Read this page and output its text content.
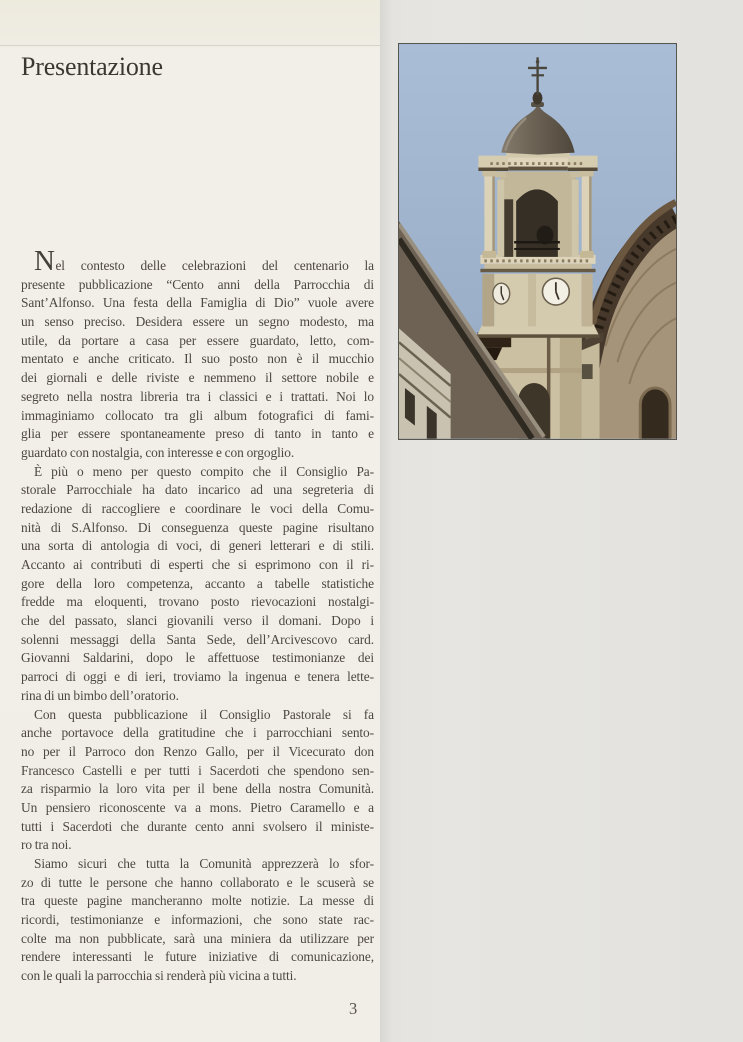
Presentazione
Nel contesto delle celebrazioni del centenario la
presente pubblicazione “Cento anni della Parrocchia di
Sant’Alfonso. Una festa della Famiglia di Dio” vuole avere
un senso preciso. Desidera essere un segno modesto, ma
utile, da portare a casa per essere guardato, letto, com-
mentato e anche criticato. Il suo posto non è il mucchio
dei giornali e delle riviste e nemmeno il settore nobile e
segreto nella nostra libreria tra i classici e i trattati. Noi lo
immaginiamo collocato tra gli album fotografici di fami-
glia per essere spontaneamente preso di tanto in tanto e
guardato con nostalgia, con interesse e con orgoglio.
È più o meno per questo compito che il Consiglio Pa-
storale Parrocchiale ha dato incarico ad una segreteria di
redazione di raccogliere e coordinare le voci della Comu-
nità di S.Alfonso. Di conseguenza queste pagine risultano
una sorta di antologia di voci, di generi letterari e di stili.
Accanto ai contributi di esperti che si esprimono con il ri-
gore della loro competenza, accanto a tabelle statistiche
fredde ma eloquenti, trovano posto rievocazioni nostalgi-
che del passato, slanci giovanili verso il domani. Dopo i
solenni messaggi della Santa Sede, dell’Arcivescovo card.
Giovanni Saldarini, dopo le affettuose testimonianze dei
parroci di oggi e di ieri, troviamo la ingenua e tenera lette-
rina di un bimbo dell’oratorio.
Con questa pubblicazione il Consiglio Pastorale si fa
anche portavoce della gratitudine che i parrocchiani sento-
no per il Parroco don Renzo Gallo, per il Vicecurato don
Francesco Castelli e per tutti i Sacerdoti che spendono sen-
za risparmio la loro vita per il bene della nostra Comunità.
Un pensiero riconoscente va a mons. Pietro Caramello e a
tutti i Sacerdoti che durante cento anni svolsero il ministe-
ro tra noi.
Siamo sicuri che tutta la Comunità apprezzerà lo sfor-
zo di tutte le persone che hanno collaborato e le scuserà se
tra queste pagine mancheranno molte notizie. La messe di
ricordi, testimonianze e informazioni, che sono state rac-
colte ma non pubblicate, sarà una miniera da utilizzare per
rendere interessanti le future iniziative di comunicazione,
con le quali la parrocchia si renderà più vicina a tutti.
3
